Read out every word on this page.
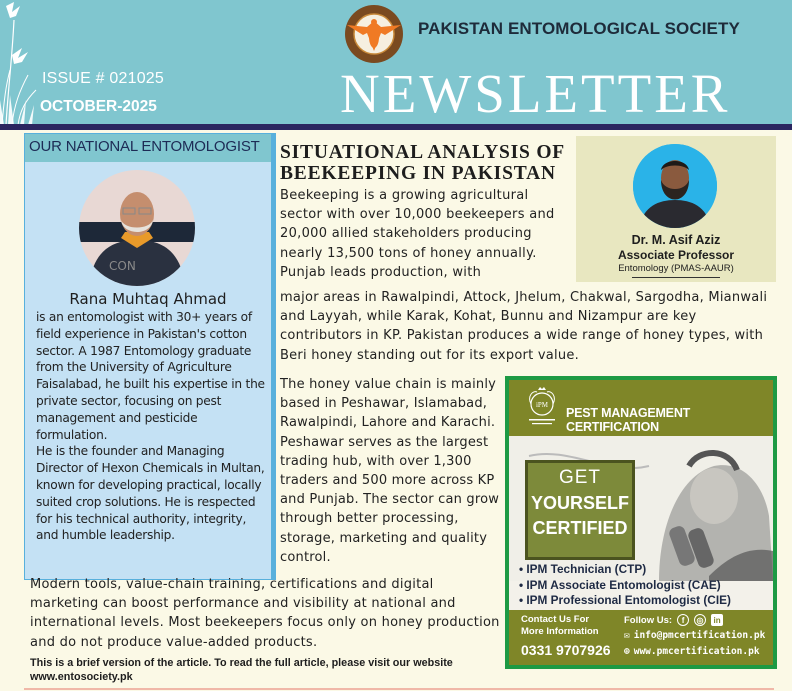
ISSUE # 021025
OCTOBER-2025
PAKISTAN ENTOMOLOGICAL SOCIETY
NEWSLETTER
OUR NATIONAL ENTOMOLOGIST
CON
Rana Muhtaq Ahmad
is an entomologist with 30+ years of field experience in Pakistan's cotton sector. A 1987 Entomology graduate from the University of Agriculture Faisalabad, he built his expertise in the private sector, focusing on pest management and pesticide formulation.
He is the founder and Managing Director of Hexon Chemicals in Multan, known for developing practical, locally suited crop solutions. He is respected for his technical authority, integrity, and humble leadership.
SITUATIONAL ANALYSIS OF
BEEKEEPING IN PAKISTAN
Beekeeping is a growing agricultural sector with over 10,000 beekeepers and 20,000 allied stakeholders producing nearly 13,500 tons of honey annually. Punjab leads production, with
major areas in Rawalpindi, Attock, Jhelum, Chakwal, Sargodha, Mianwali and Layyah, while Karak, Kohat, Bunnu and Nizampur are key contributors in KP. Pakistan produces a wide range of honey types, with Beri honey standing out for its export value.
The honey value chain is mainly based in Peshawar, Islamabad, Rawalpindi, Lahore and Karachi. Peshawar serves as the largest trading hub, with over 1,300 traders and 500 more across KP and Punjab. The sector can grow through better processing, storage, marketing and quality control.
Modern tools, value-chain training, certifications and digital marketing can boost performance and visibility at national and international levels. Most beekeepers focus only on honey production and do not produce value-added products.
This is a brief version of the article. To read the full article, please visit our website
www.entosociety.pk
Dr. M. Asif Aziz
Associate Professor
Entomology (PMAS-AAUR)
iPM
PEST MANAGEMENT CERTIFICATION
GET
YOURSELF
CERTIFIED
• IPM Technician (CTP)
• IPM Associate Entomologist (CAE)
• IPM Professional Entomologist (CIE)
Contact Us For
More Information
0331 9707926
Follow Us:	f	◎	in
✉ info@pmcertification.pk
⊕ www.pmcertification.pk
